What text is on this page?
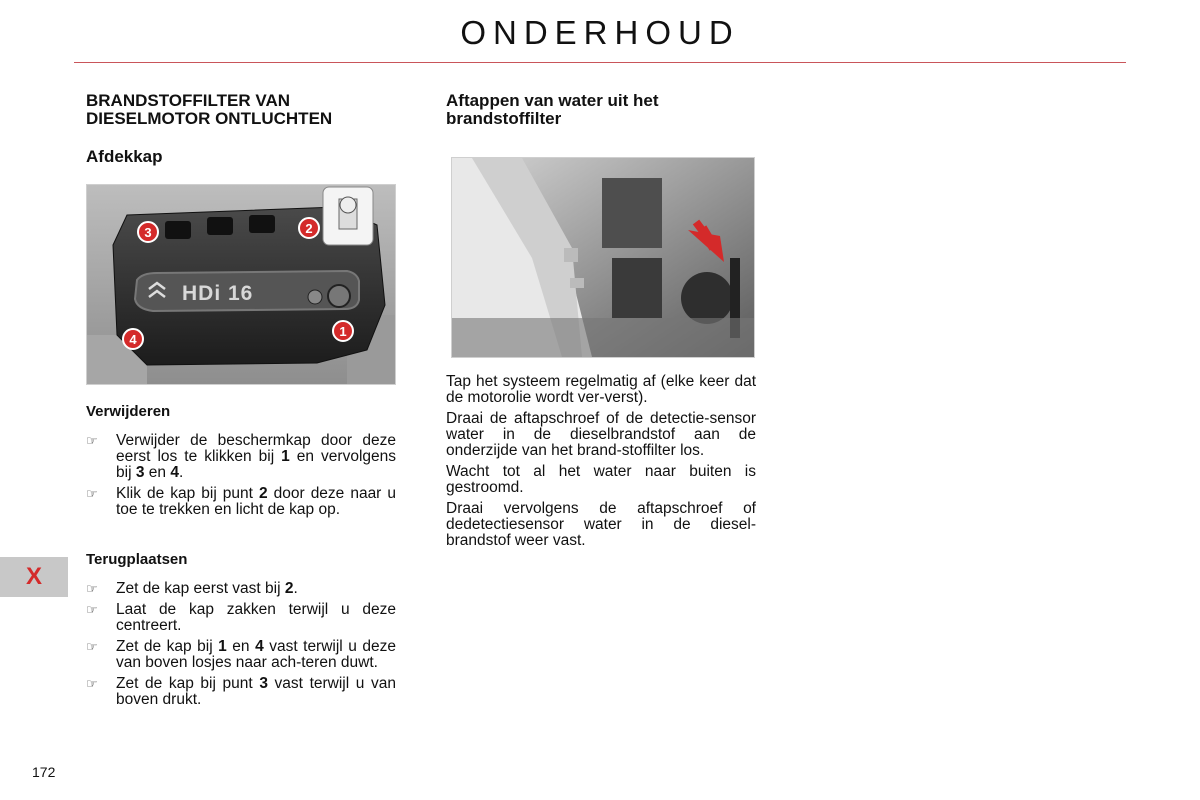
ONDERHOUD
BRANDSTOFFILTER VAN
DIESELMOTOR ONTLUCHTEN
Afdekkap
HDi 16
3	2
4
1
Verwijderen
☞ Verwijder de beschermkap door deze eerst los te klikken bij 1 en vervolgens bij 3 en 4.
☞ Klik de kap bij punt 2 door deze naar u toe te trekken en licht de kap op.
Terugplaatsen
☞ Zet de kap eerst vast bij 2.
☞ Laat de kap zakken terwijl u deze centreert.
☞ Zet de kap bij 1 en 4 vast terwijl u deze van boven losjes naar ach-teren duwt.
☞ Zet de kap bij punt 3 vast terwijl u van boven drukt.
Aftappen van water uit het
brandstoffilter

Tap het systeem regelmatig af (elke keer dat de motorolie wordt ver-verst).

Draai de aftapschroef of de detectie-sensor water in de dieselbrandstof aan de onderzijde van het brand-stoffilter los.

Wacht tot al het water naar buiten is gestroomd.

Draai vervolgens de aftapschroef of dedetectiesensor water in de diesel-brandstof weer vast.

X
172
